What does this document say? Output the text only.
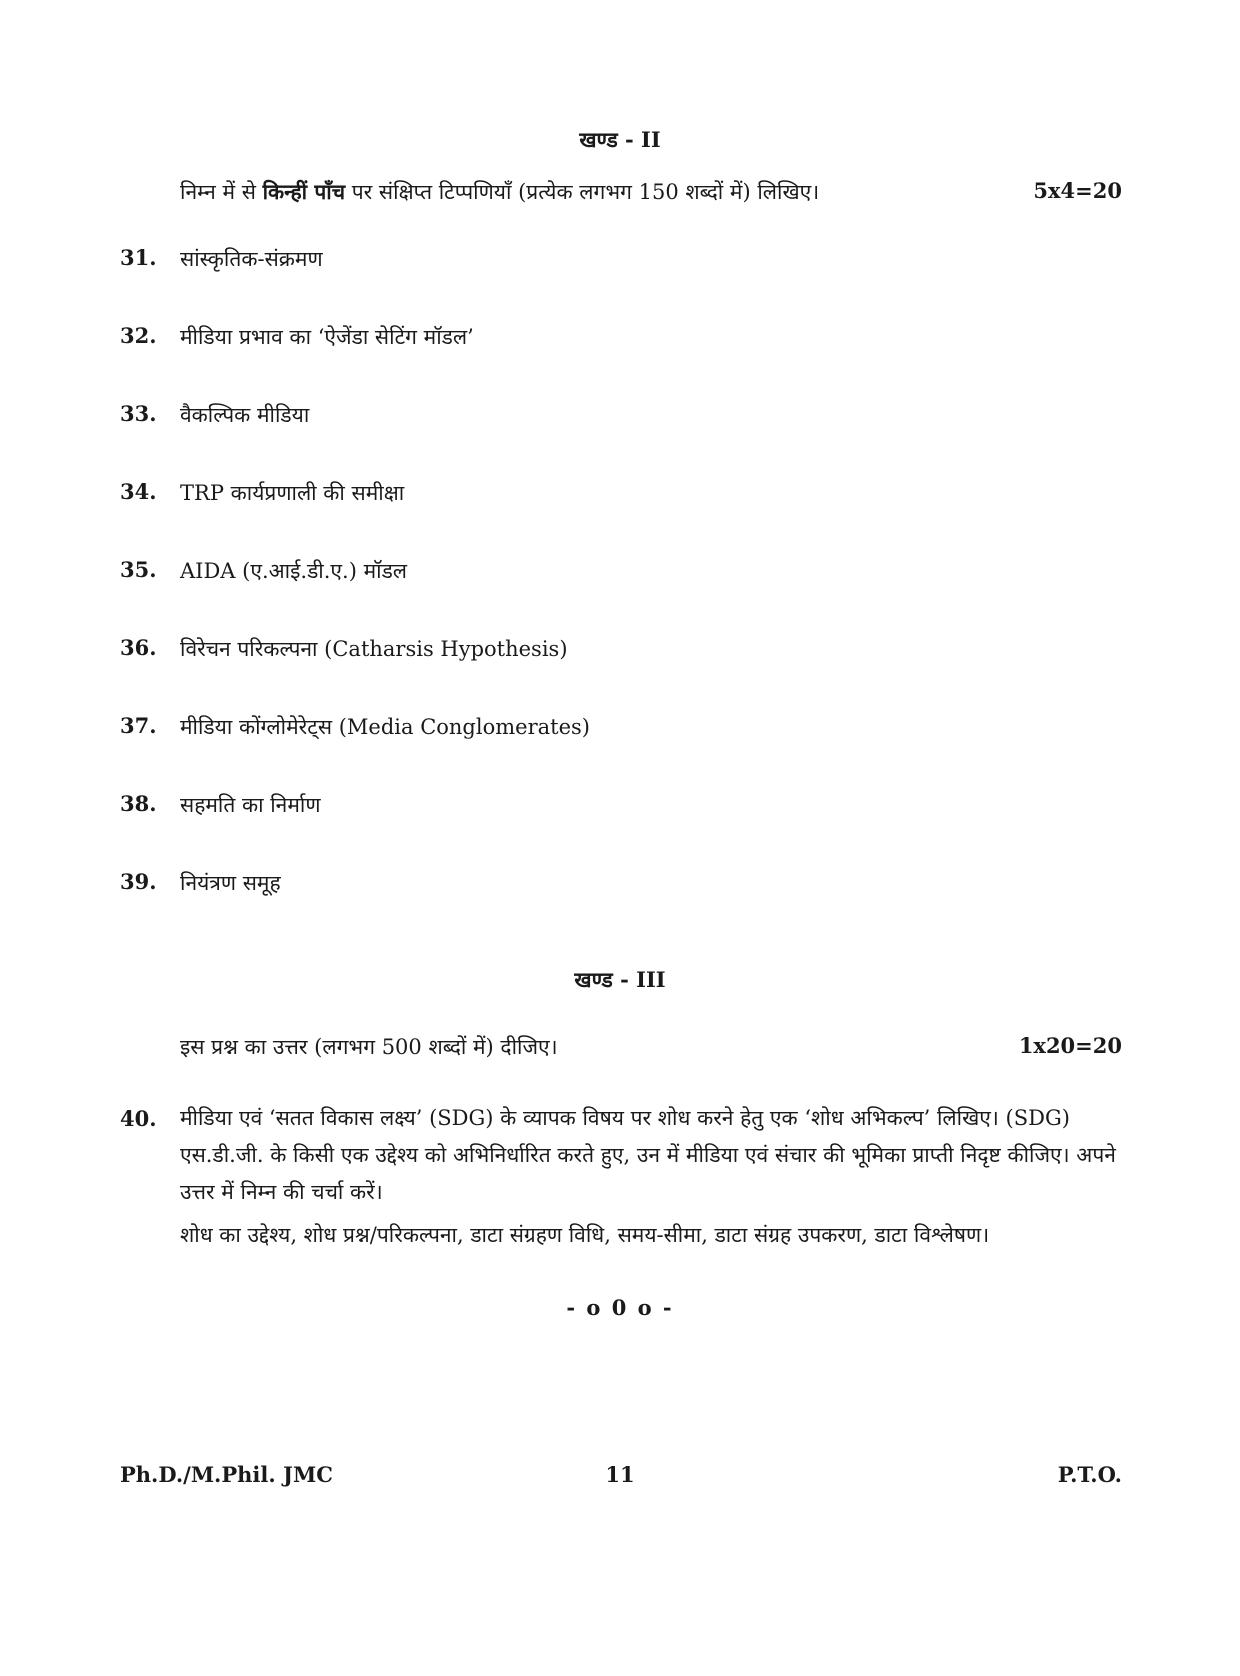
खण्ड - II
निम्न में से किन्हीं पाँच पर संक्षिप्त टिप्पणियाँ (प्रत्येक लगभग 150 शब्दों में) लिखिए।	5x4=20
31.	सांस्कृतिक-संक्रमण
32.	मीडिया प्रभाव का ‘ऐजेंडा सेटिंग मॉडल’
33.	वैकल्पिक मीडिया
34.	TRP कार्यप्रणाली की समीक्षा
35.	AIDA (ए.आई.डी.ए.) मॉडल
36.	विरेचन परिकल्पना (Catharsis Hypothesis)
37.	मीडिया कोंग्लोमेरेट्स (Media Conglomerates)
38.	सहमति का निर्माण
39.	नियंत्रण समूह
खण्ड - III
इस प्रश्न का उत्तर (लगभग 500 शब्दों में) दीजिए।	1x20=20
40.	मीडिया एवं ‘सतत विकास लक्ष्य’ (SDG) के व्यापक विषय पर शोध करने हेतु एक ‘शोध अभिकल्प’ लिखिए। (SDG) एस.डी.जी. के किसी एक उद्देश्य को अभिनिर्धारित करते हुए, उन में मीडिया एवं संचार की भूमिका प्राप्ती निदृष्ट कीजिए। अपने उत्तर में निम्न की चर्चा करें।

शोध का उद्देश्य, शोध प्रश्न/परिकल्पना, डाटा संग्रहण विधि, समय-सीमा, डाटा संग्रह उपकरण, डाटा विश्लेषण।

- o 0 o -
Ph.D./M.Phil. JMC	11	P.T.O.
